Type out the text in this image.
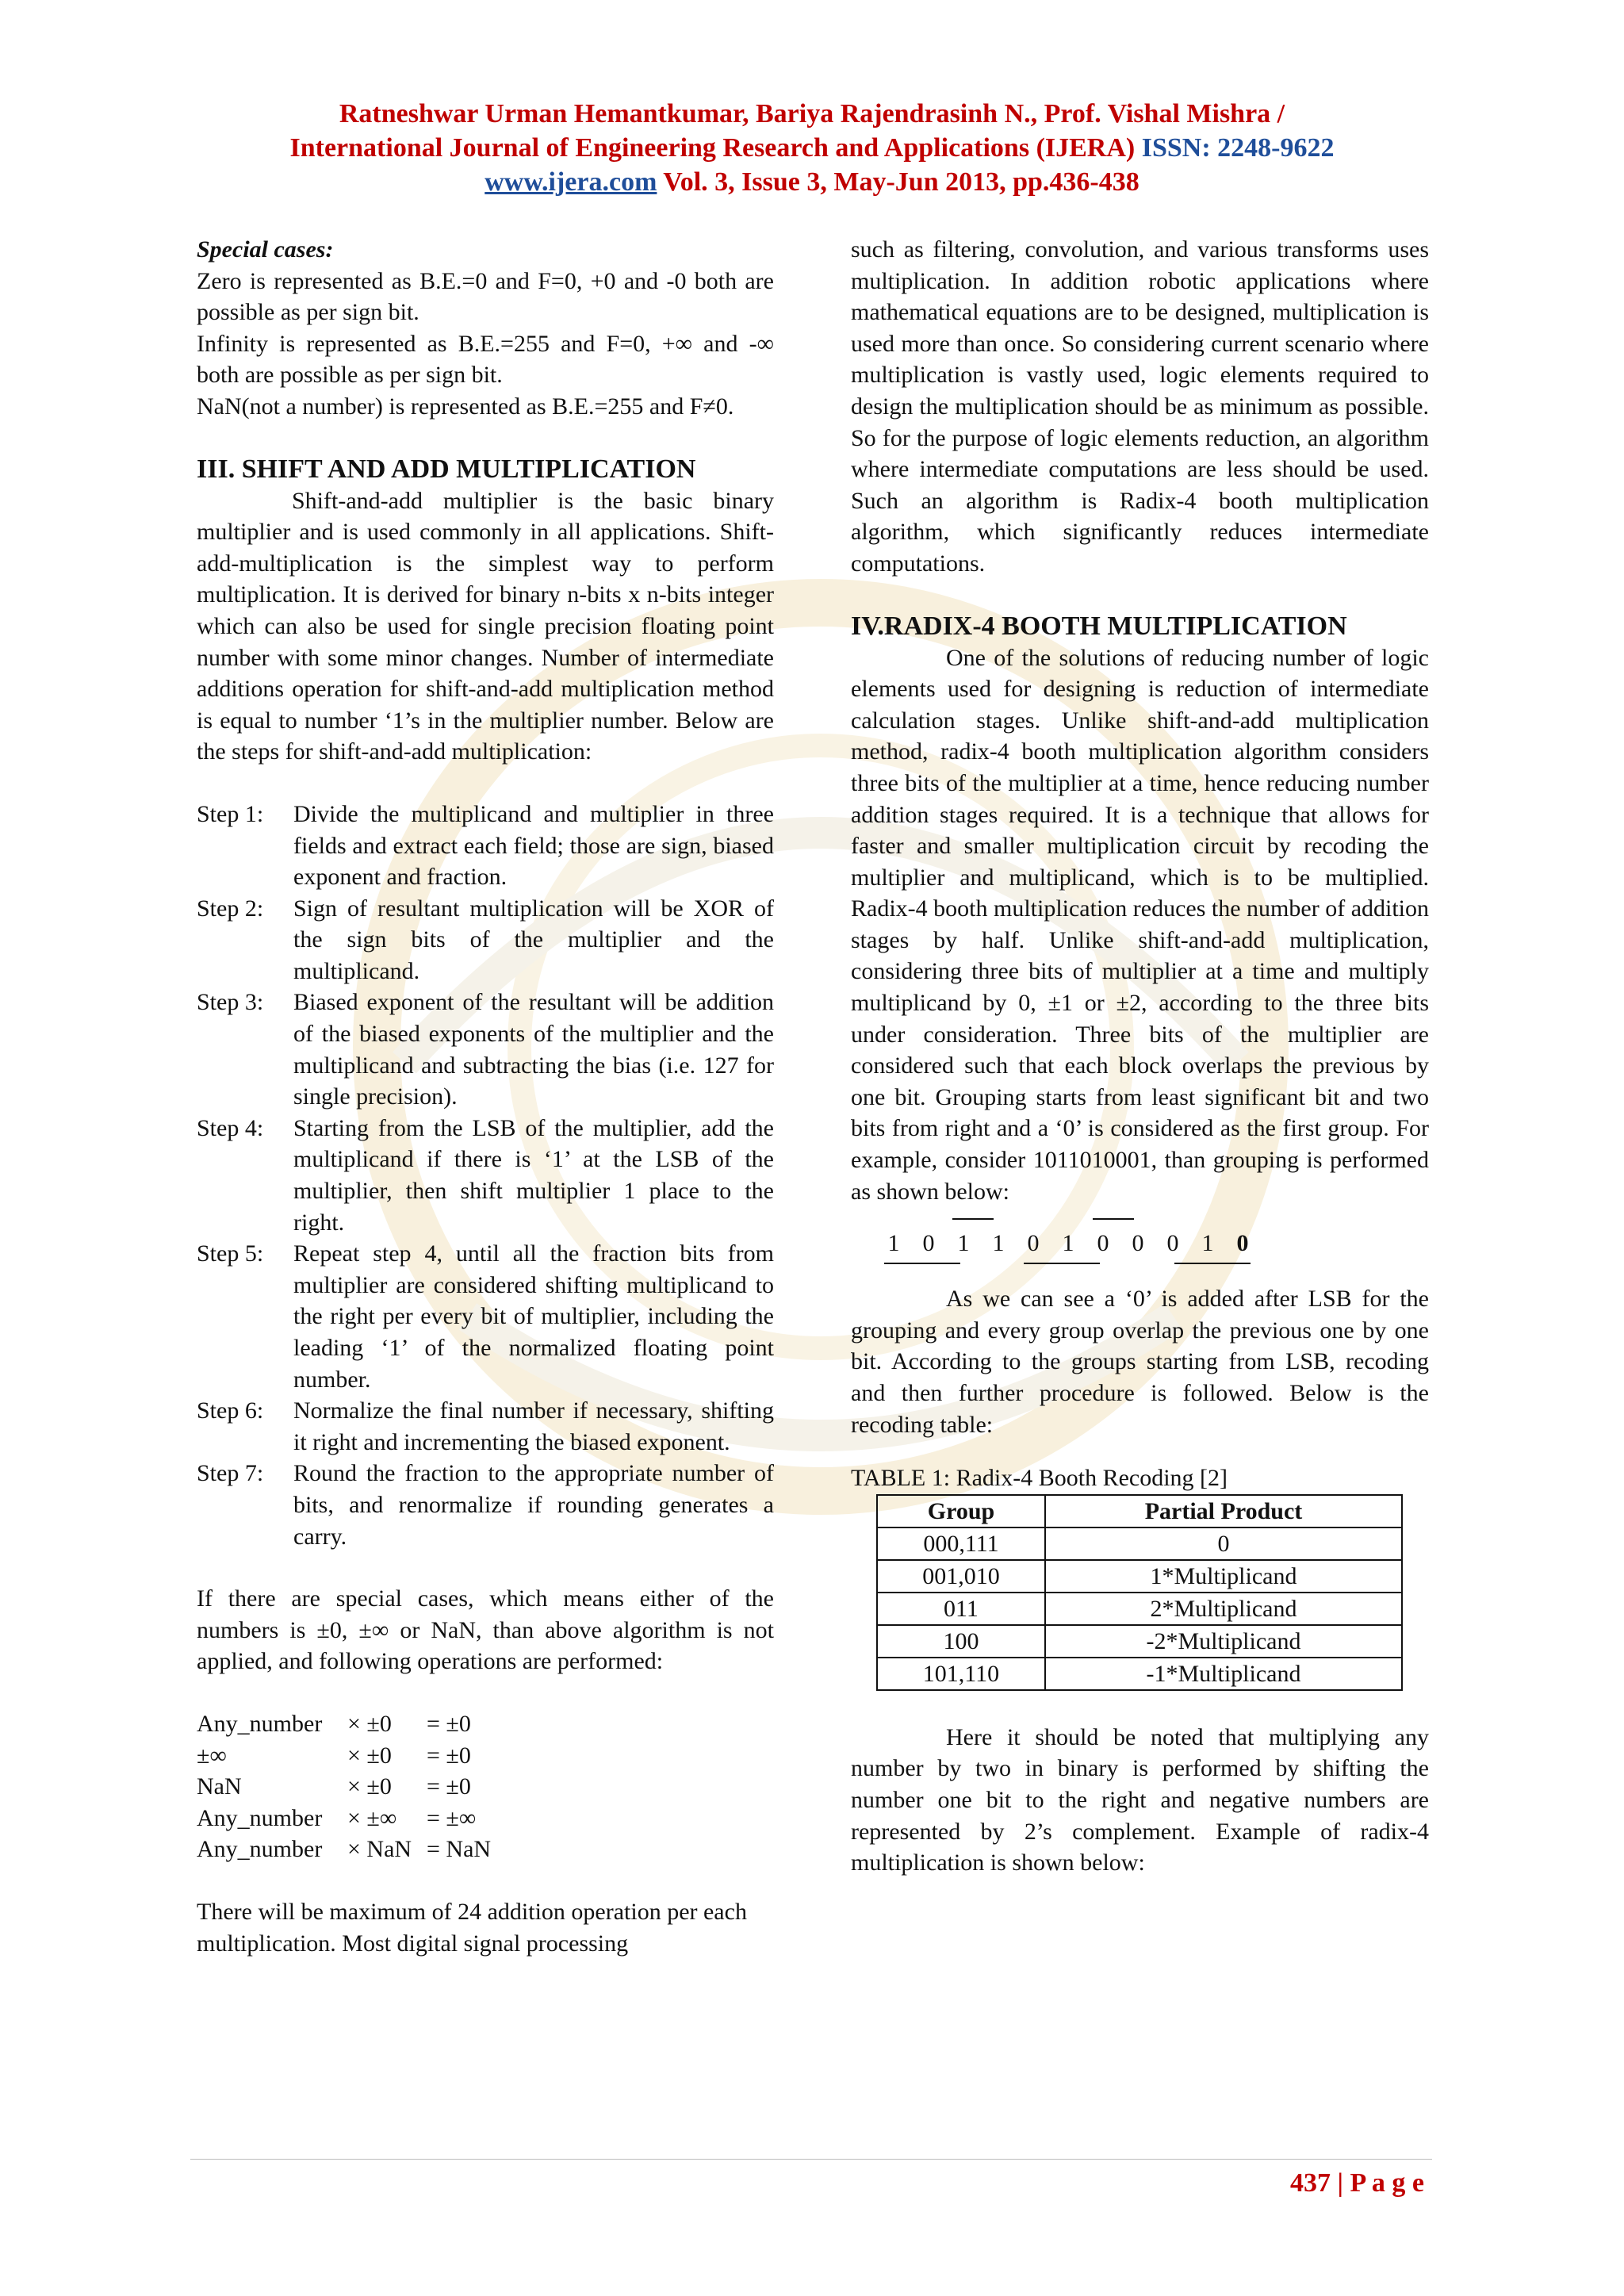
Ratneshwar Urman Hemantkumar, Bariya Rajendrasinh N., Prof. Vishal Mishra /
International Journal of Engineering Research and Applications (IJERA) ISSN: 2248-9622
www.ijera.com Vol. 3, Issue 3, May-Jun 2013, pp.436-438

Special cases:

Zero is represented as B.E.=0 and F=0, +0 and -0 both are possible as per sign bit.

Infinity is represented as B.E.=255 and F=0, +∞ and -∞ both are possible as per sign bit.

NaN(not a number) is represented as B.E.=255 and F≠0.

III. SHIFT AND ADD MULTIPLICATION

Shift-and-add multiplier is the basic binary multiplier and is used commonly in all applications. Shift-add-multiplication is the simplest way to perform multiplication. It is derived for binary n-bits x n-bits integer which can also be used for single precision floating point number with some minor changes. Number of intermediate additions operation for shift-and-add multiplication method is equal to number ‘1’s in the multiplier number. Below are the steps for shift-and-add multiplication:

Step 1:	Divide the multiplicand and multiplier in three fields and extract each field; those are sign, biased exponent and fraction.
Step 2:	Sign of resultant multiplication will be XOR of the sign bits of the multiplier and the multiplicand.
Step 3:	Biased exponent of the resultant will be addition of the biased exponents of the multiplier and the multiplicand and subtracting the bias (i.e. 127 for single precision).
Step 4:	Starting from the LSB of the multiplier, add the multiplicand if there is ‘1’ at the LSB of the multiplier, then shift multiplier 1 place to the right.
Step 5:	Repeat step 4, until all the fraction bits from multiplier are considered shifting multiplicand to the right per every bit of multiplier, including the leading ‘1’ of the normalized floating point number.
Step 6:	Normalize the final number if necessary, shifting it right and incrementing the biased exponent.
Step 7:	Round the fraction to the appropriate number of bits, and renormalize if rounding generates a carry.

If there are special cases, which means either of the numbers is ±0, ±∞ or NaN, than above algorithm is not applied, and following operations are performed:

Any_number	× ±0	= ±0
±∞	× ±0	= ±0
NaN	× ±0	= ±0
Any_number	× ±∞	= ±∞
Any_number	× NaN = NaN

There will be maximum of 24 addition operation per each multiplication. Most digital signal processing

such as filtering, convolution, and various transforms uses multiplication. In addition robotic applications where mathematical equations are to be designed, multiplication is used more than once. So considering current scenario where multiplication is vastly used, logic elements required to design the multiplication should be as minimum as possible. So for the purpose of logic elements reduction, an algorithm where intermediate computations are less should be used. Such an algorithm is Radix-4 booth multiplication algorithm, which significantly reduces intermediate computations.

IV.RADIX-4 BOOTH MULTIPLICATION

One of the solutions of reducing number of logic elements used for designing is reduction of intermediate calculation stages. Unlike shift-and-add multiplication method, radix-4 booth multiplication algorithm considers three bits of the multiplier at a time, hence reducing number addition stages required. It is a technique that allows for faster and smaller multiplication circuit by recoding the multiplier and multiplicand, which is to be multiplied. Radix-4 booth multiplication reduces the number of addition stages by half. Unlike shift-and-add multiplication, considering three bits of multiplier at a time and multiply multiplicand by 0, ±1 or ±2, according to the three bits under consideration. Three bits of the multiplier are considered such that each block overlaps the previous by one bit. Grouping starts from least significant bit and two bits from right and a ‘0’ is considered as the first group. For example, consider 1011010001, than grouping is performed as shown below:

1 0 1 1 0 1 0 0 0 1 0

As we can see a ‘0’ is added after LSB for the grouping and every group overlap the previous one by one bit. According to the groups starting from LSB, recoding and then further procedure is followed. Below is the recoding table:

TABLE 1: Radix-4 Booth Recoding [2]

Group	Partial Product
000,111	0
001,010	1*Multiplicand
011	2*Multiplicand
100	-2*Multiplicand
101,110	-1*Multiplicand

Here it should be noted that multiplying any number by two in binary is performed by shifting the number one bit to the right and negative numbers are represented by 2’s complement. Example of radix-4 multiplication is shown below:

437 | P a g e
